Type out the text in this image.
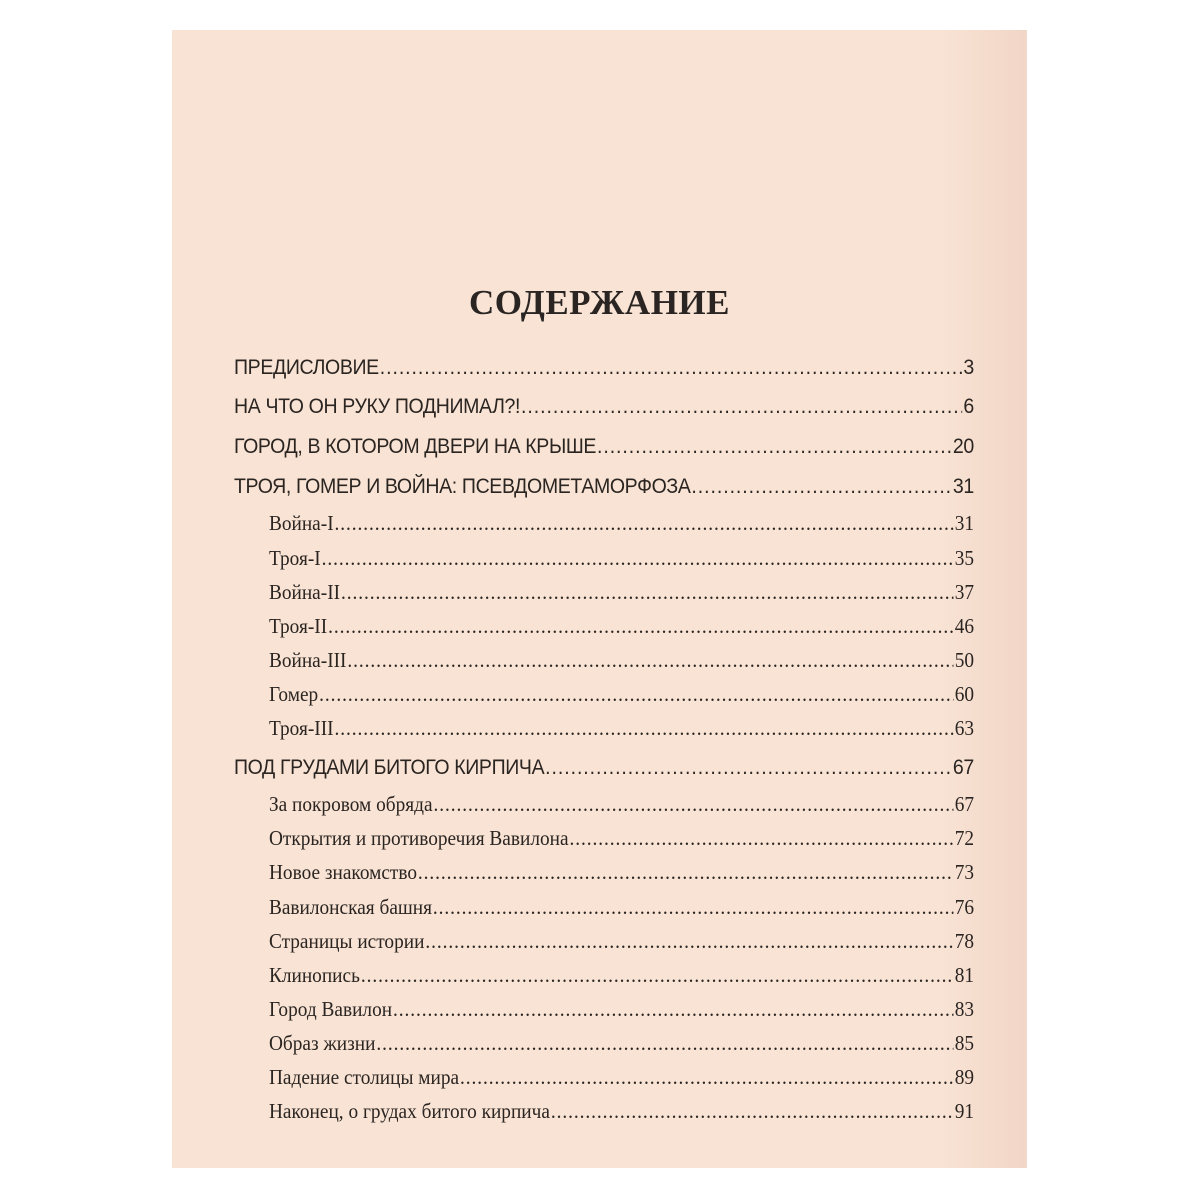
СОДЕРЖАНИЕ
ПРЕДИСЛОВИЕ .....	3
НА ЧТО ОН РУКУ ПОДНИМАЛ?! .....	6
ГОРОД, В КОТОРОМ ДВЕРИ НА КРЫШЕ .....	20
ТРОЯ, ГОМЕР И ВОЙНА: ПСЕВДОМЕТАМОРФОЗА .....	31
Война-I .....	31
Троя-I .....	35
Война-II .....	37
Троя-II .....	46
Война-III .....	50
Гомер .....	60
Троя-III .....	63
ПОД ГРУДАМИ БИТОГО КИРПИЧА .....	67
За покровом обряда .....	67
Открытия и противоречия Вавилона .....	72
Новое знакомство .....	73
Вавилонская башня .....	76
Страницы истории .....	78
Клинопись .....	81
Город Вавилон .....	83
Образ жизни .....	85
Падение столицы мира .....	89
Наконец, о грудах битого кирпича .....	91
